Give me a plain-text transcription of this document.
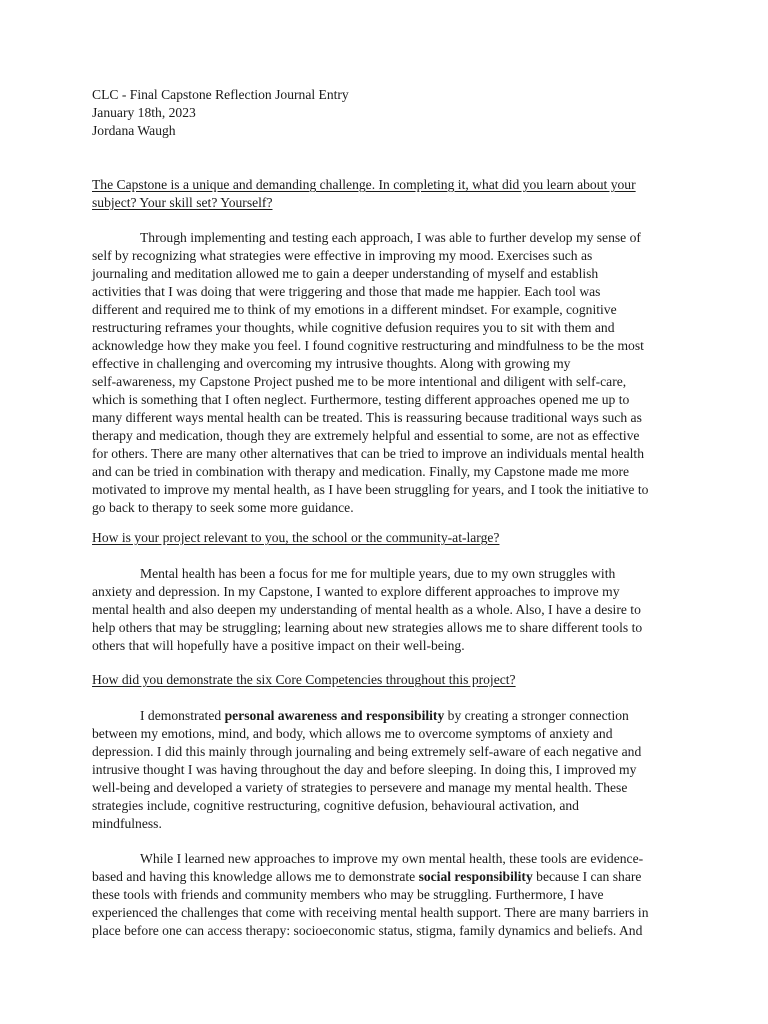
CLC - Final Capstone Reflection Journal Entry

January 18th, 2023

Jordana Waugh

The Capstone is a unique and demanding challenge. In completing it, what did you learn about your

subject? Your skill set? Yourself?

Through implementing and testing each approach, I was able to further develop my sense of

self by recognizing what strategies were effective in improving my mood. Exercises such as

journaling and meditation allowed me to gain a deeper understanding of myself and establish

activities that I was doing that were triggering and those that made me happier. Each tool was

different and required me to think of my emotions in a different mindset. For example, cognitive

restructuring reframes your thoughts, while cognitive defusion requires you to sit with them and

acknowledge how they make you feel. I found cognitive restructuring and mindfulness to be the most

effective in challenging and overcoming my intrusive thoughts. Along with growing my

self-awareness, my Capstone Project pushed me to be more intentional and diligent with self-care,

which is something that I often neglect. Furthermore, testing different approaches opened me up to

many different ways mental health can be treated. This is reassuring because traditional ways such as

therapy and medication, though they are extremely helpful and essential to some, are not as effective

for others. There are many other alternatives that can be tried to improve an individuals mental health

and can be tried in combination with therapy and medication. Finally, my Capstone made me more

motivated to improve my mental health, as I have been struggling for years, and I took the initiative to

go back to therapy to seek some more guidance.

How is your project relevant to you, the school or the community-at-large?

Mental health has been a focus for me for multiple years, due to my own struggles with

anxiety and depression. In my Capstone, I wanted to explore different approaches to improve my

mental health and also deepen my understanding of mental health as a whole. Also, I have a desire to

help others that may be struggling; learning about new strategies allows me to share different tools to

others that will hopefully have a positive impact on their well-being.

How did you demonstrate the six Core Competencies throughout this project?

I demonstrated personal awareness and responsibility by creating a stronger connection

between my emotions, mind, and body, which allows me to overcome symptoms of anxiety and

depression. I did this mainly through journaling and being extremely self-aware of each negative and

intrusive thought I was having throughout the day and before sleeping. In doing this, I improved my

well-being and developed a variety of strategies to persevere and manage my mental health. These

strategies include, cognitive restructuring, cognitive defusion, behavioural activation, and

mindfulness.

While I learned new approaches to improve my own mental health, these tools are evidence-

based and having this knowledge allows me to demonstrate social responsibility because I can share

these tools with friends and community members who may be struggling. Furthermore, I have

experienced the challenges that come with receiving mental health support. There are many barriers in

place before one can access therapy: socioeconomic status, stigma, family dynamics and beliefs. And
